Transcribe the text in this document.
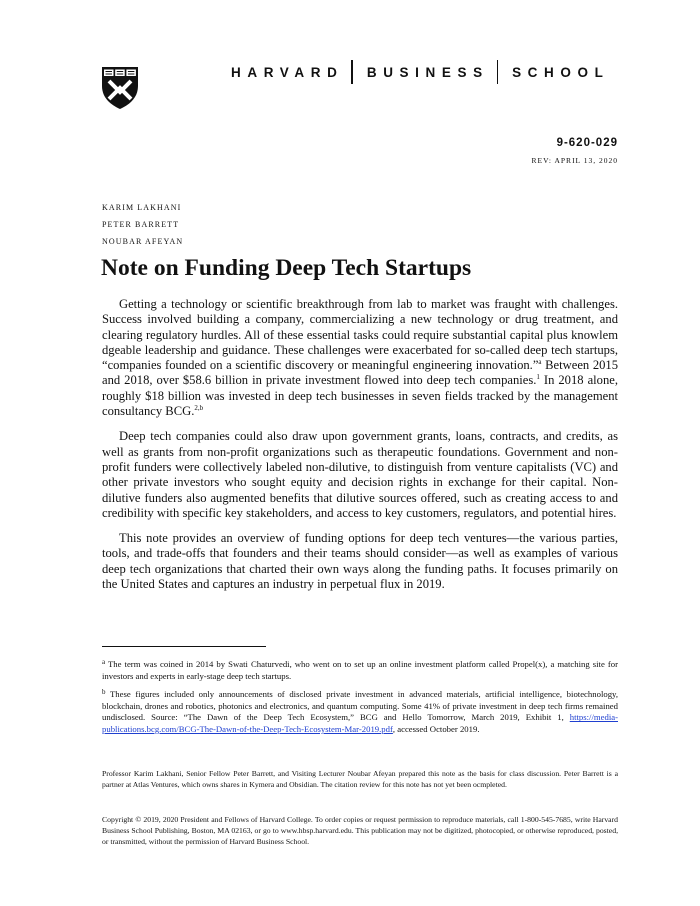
HARVARD BUSINESS SCHOOL
9-620-029
REV: APRIL 13, 2020
KARIM LAKHANI
PETER BARRETT
NOUBAR AFEYAN
Note on Funding Deep Tech Startups

Getting a technology or scientific breakthrough from lab to market was fraught with challenges. Success involved building a company, commercializing a new technology or drug treatment, and clearing regulatory hurdles. All of these essential tasks could require substantial capital plus knowlem dgeable leadership and guidance. These challenges were exacerbated for so-called deep tech startups, “companies founded on a scientific discovery or meaningful engineering innovation.”$^a$ Between 2015 and 2018, over $58.6 billion in private investment flowed into deep tech companies.$^1$ In 2018 alone, roughly $18 billion was invested in deep tech businesses in seven fields tracked by the management consultancy BCG.$^{2,b}$

Deep tech companies could also draw upon government grants, loans, contracts, and credits, as well as grants from non-profit organizations such as therapeutic foundations. Government and non-profit funders were collectively labeled non-dilutive, to distinguish from venture capitalists (VC) and other private investors who sought equity and decision rights in exchange for their capital. Non-dilutive funders also augmented benefits that dilutive sources offered, such as creating access to and credibility with specific key stakeholders, and access to key customers, regulators, and potential hires.

This note provides an overview of funding options for deep tech ventures—the various parties, tools, and trade-offs that founders and their teams should consider—as well as examples of various deep tech organizations that charted their own ways along the funding paths. It focuses primarily on the United States and captures an industry in perpetual flux in 2019.

$^a$ The term was coined in 2014 by Swati Chaturvedi, who went on to set up an online investment platform called Propel(x), a matching site for investors and experts in early-stage deep tech startups.

$^b$ These figures included only announcements of disclosed private investment in advanced materials, artificial intelligence, biotechnology, blockchain, drones and robotics, photonics and electronics, and quantum computing. Some 41% of private investment in deep tech firms remained undisclosed. Source: “The Dawn of the Deep Tech Ecosystem,” BCG and Hello Tomorrow, March 2019, Exhibit 1, https://media-publications.bcg.com/BCG-The-Dawn-of-the-Deep-Tech-Ecosystem-Mar-2019.pdf, accessed October 2019.

Professor Karim Lakhani, Senior Fellow Peter Barrett, and Visiting Lecturer Noubar Afeyan prepared this note as the basis for class discussion. Peter Barrett is a partner at Atlas Ventures, which owns shares in Kymera and Obsidian. The citation review for this note has not yet been ocmpleted.

Copyright © 2019, 2020 President and Fellows of Harvard College. To order copies or request permission to reproduce materials, call 1-800-545-7685, write Harvard Business School Publishing, Boston, MA 02163, or go to www.hbsp.harvard.edu. This publication may not be digitized, photocopied, or otherwise reproduced, posted, or transmitted, without the permission of Harvard Business School.
